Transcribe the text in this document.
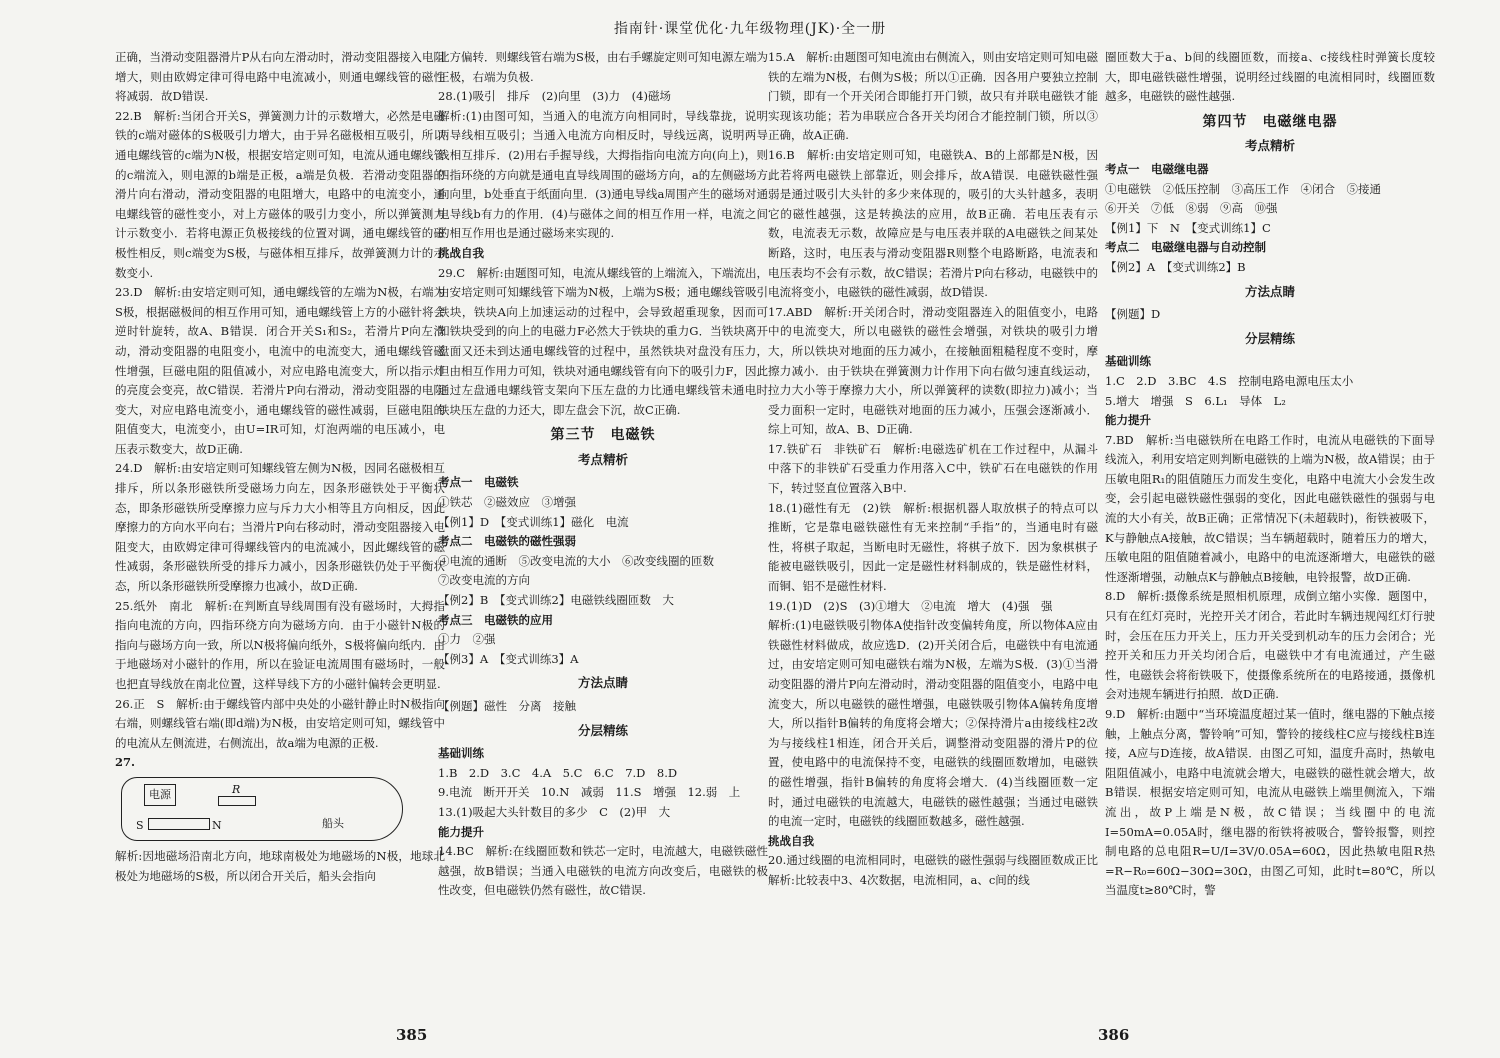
指南针·课堂优化·九年级物理(JK)·全一册

正确，当滑动变阻器滑片P从右向左滑动时，滑动变阻器接入电阻增大，则由欧姆定律可得电路中电流减小，则通电螺线管的磁性将减弱．故D错误.

22.B　解析:当闭合开关S，弹簧测力计的示数增大，必然是电磁铁的c端对磁体的S极吸引力增大，由于异名磁极相互吸引，所以通电螺线管的c端为N极，根据安培定则可知，电流从通电螺线管的c端流入，则电源的b端是正极，a端是负极．若滑动变阻器的滑片向右滑动，滑动变阻器的电阻增大，电路中的电流变小，通电螺线管的磁性变小，对上方磁体的吸引力变小，所以弹簧测力计示数变小．若将电源正负极接线的位置对调，通电螺线管的磁极性相反，则c端变为S极，与磁体相互排斥，故弹簧测力计的示数变小.

23.D　解析:由安培定则可知，通电螺线管的左端为N极，右端为S极，根据磁极间的相互作用可知，通电螺线管上方的小磁针将会逆时针旋转，故A、B错误．闭合开关S₁和S₂，若滑片P向左滑动，滑动变阻器的电阻变小，电流中的电流变大，通电螺线管磁性增强，巨磁电阻的阻值减小，对应电路电流变大，所以指示灯的亮度会变亮，故C错误．若滑片P向右滑动，滑动变阻器的电阻变大，对应电路电流变小，通电螺线管的磁性减弱，巨磁电阻的阻值变大，电流变小，由U=IR可知，灯泡两端的电压减小，电压表示数变大，故D正确.

24.D　解析:由安培定则可知螺线管左侧为N极，因同名磁极相互排斥，所以条形磁铁所受磁场力向左，因条形磁铁处于平衡状态，即条形磁铁所受摩擦力应与斥力大小相等且方向相反，因此摩擦力的方向水平向右；当滑片P向右移动时，滑动变阻器接入电阻变大，由欧姆定律可得螺线管内的电流减小，因此螺线管的磁性减弱，条形磁铁所受的排斥力减小，因条形磁铁仍处于平衡状态，所以条形磁铁所受摩擦力也减小，故D正确.

25.纸外　南北　解析:在判断直导线周围有没有磁场时，大拇指指向电流的方向，四指环绕方向为磁场方向．由于小磁针N极的指向与磁场方向一致，所以N极将偏向纸外，S极将偏向纸内．由于地磁场对小磁针的作用，所以在验证电流周围有磁场时，一般也把直导线放在南北位置，这样导线下方的小磁针偏转会更明显.

26.正　S　解析:由于螺线管内部中央处的小磁针静止时N极指向右端，则螺线管右端(即d端)为N极，由安培定则可知，螺线管中的电流从左侧流进，右侧流出，故a端为电源的正极.

27.
电源	R
S	N	船头

解析:因地磁场沿南北方向，地球南极处为地磁场的N极，地球北极处为地磁场的S极，所以闭合开关后，船头会指向

北方偏转．则螺线管右端为S极，由右手螺旋定则可知电源左端为正极，右端为负极.

28.(1)吸引　排斥　(2)向里　(3)力　(4)磁场

解析:(1)由图可知，当通入的电流方向相同时，导线靠拢，说明两导线相互吸引；当通入电流方向相反时，导线远离，说明两导线相互排斥．(2)用右手握导线，大拇指指向电流方向(向上)，则四指环绕的方向就是通电直导线周围的磁场方向，a的左侧磁场方向向里，b处垂直于纸面向里．(3)通电导线a周围产生的磁场对通电导线b有力的作用．(4)与磁体之间的相互作用一样，电流之间的相互作用也是通过磁场来实现的.

挑战自我

29.C　解析:由题图可知，电流从螺线管的上端流入，下端流出，由安培定则可知螺线管下端为N极，上端为S极；通电螺线管吸引铁块，铁块A向上加速运动的过程中，会导致超重现象，因而可知铁块受到的向上的电磁力F必然大于铁块的重力G．当铁块离开盘面又还未到达通电螺线管的过程中，虽然铁块对盘没有压力，但由相互作用力可知，铁块对通电螺线管有向下的吸引力F，因此通过左盘通电螺线管支架向下压左盘的力比通电螺线管未通电时铁块压左盘的力还大，即左盘会下沉，故C正确.

第三节　电磁铁
考点精析

考点一　电磁铁

①铁芯　②磁效应　③增强

【例1】D　【变式训练1】磁化　电流

考点二　电磁铁的磁性强弱

④电流的通断　⑤改变电流的大小　⑥改变线圈的匝数

⑦改变电流的方向

【例2】B　【变式训练2】电磁铁线圈匝数　大

考点三　电磁铁的应用

①力　②强

【例3】A　【变式训练3】A

方法点睛

【例题】磁性　分离　接触

分层精练

基础训练

1.B　2.D　3.C　4.A　5.C　6.C　7.D　8.D

9.电流　断开开关　10.N　减弱　11.S　增强　12.弱　上

13.(1)吸起大头针数目的多少　C　(2)甲　大

能力提升

14.BC　解析:在线圈匝数和铁芯一定时，电流越大，电磁铁磁性越强，故B错误；当通入电磁铁的电流方向改变后，电磁铁的极性改变，但电磁铁仍然有磁性，故C错误.

15.A　解析:由题图可知电流由右侧流入，则由安培定则可知电磁铁的左端为N极，右侧为S极；所以①正确．因各用户要独立控制门锁，即有一个开关闭合即能打开门锁，故只有并联电磁铁才能实现该功能；若为串联应合各开关均闭合才能控制门锁，所以③正确，故A正确.

16.B　解析:由安培定则可知，电磁铁A、B的上部都是N极，因此若将两电磁铁上部靠近，则会排斥，故A错误．电磁铁磁性强弱是通过吸引大头针的多少来体现的，吸引的大头针越多，表明它的磁性越强，这是转换法的应用，故B正确．若电压表有示数，电流表无示数，故障应是与电压表并联的A电磁铁之间某处断路，这时，电压表与滑动变阻器R则整个电路断路，电流表和电压表均不会有示数，故C错误；若滑片P向右移动，电磁铁中的电流将变小，电磁铁的磁性减弱，故D错误.

17.ABD　解析:开关闭合时，滑动变阻器连入的阻值变小，电路中的电流变大，所以电磁铁的磁性会增强，对铁块的吸引力增大，所以铁块对地面的压力减小，在接触面粗糙程度不变时，摩擦力减小．由于铁块在弹簧测力计作用下向右做匀速直线运动，拉力大小等于摩擦力大小，所以弹簧秤的读数(即拉力)减小；当受力面积一定时，电磁铁对地面的压力减小，压强会逐渐减小．综上可知，故A、B、D正确.

17.铁矿石　非铁矿石　解析:电磁选矿机在工作过程中，从漏斗中落下的非铁矿石受重力作用落入C中，铁矿石在电磁铁的作用下，转过竖直位置落入B中.

18.(1)磁性有无　(2)铁　解析:根据机器人取放棋子的特点可以推断，它是靠电磁铁磁性有无来控制“手指”的，当通电时有磁性，将棋子取起，当断电时无磁性，将棋子放下．因为象棋棋子能被电磁铁吸引，因此一定是磁性材料制成的，铁是磁性材料，而铜、铝不是磁性材料.

19.(1)D　(2)S　(3)①增大　②电流　增大　(4)强　强

解析:(1)电磁铁吸引物体A使指针改变偏转角度，所以物体A应由铁磁性材料做成，故应选D．(2)开关闭合后，电磁铁中有电流通过，由安培定则可知电磁铁右端为N极，左端为S极．(3)①当滑动变阻器的滑片P向左滑动时，滑动变阻器的阻值变小，电路中电流变大，所以电磁铁的磁性增强，电磁铁吸引物体A偏转角度增大，所以指针B偏转的角度将会增大；②保持滑片a由接线柱2改为与接线柱1相连，闭合开关后，调整滑动变阻器的滑片P的位置，使电路中的电流保持不变，电磁铁的线圈匝数增加，电磁铁的磁性增强，指针B偏转的角度将会增大．(4)当线圈匝数一定时，通过电磁铁的电流越大，电磁铁的磁性越强；当通过电磁铁的电流一定时，电磁铁的线圈匝数越多，磁性越强.

挑战自我

20.通过线圈的电流相同时，电磁铁的磁性强弱与线圈匝数成正比　解析:比较表中3、4次数据，电流相同，a、c间的线

圈匝数大于a、b间的线圈匝数，而接a、c接线柱时弹簧长度较大，即电磁铁磁性增强，说明经过线圈的电流相同时，线圈匝数越多，电磁铁的磁性越强.

第四节　电磁继电器
考点精析

考点一　电磁继电器

①电磁铁　②低压控制　③高压工作　④闭合　⑤接通

⑥开关　⑦低　⑧弱　⑨高　⑩强

【例1】下　N　【变式训练1】C

考点二　电磁继电器与自动控制

【例2】A　【变式训练2】B

方法点睛

【例题】D

分层精练

基础训练

1.C　2.D　3.BC　4.S　控制电路电源电压太小

5.增大　增强　S　6.L₁　导体　L₂

能力提升

7.BD　解析:当电磁铁所在电路工作时，电流从电磁铁的下面导线流入，利用安培定则判断电磁铁的上端为N极，故A错误；由于压敏电阻R₁的阻值随压力而发生变化，电路中电流大小会发生改变，会引起电磁铁磁性强弱的变化，因此电磁铁磁性的强弱与电流的大小有关，故B正确；正常情况下(未超载时)，衔铁被吸下，K与静触点A接触，故C错误；当车辆超载时，随着压力的增大，压敏电阻的阻值随着减小，电路中的电流逐渐增大，电磁铁的磁性逐渐增强，动触点K与静触点B接触，电铃报警，故D正确.

8.D　解析:摄像系统是照相机原理，成倒立缩小实像．题图中，只有在红灯亮时，光控开关才闭合，若此时车辆违规闯红灯行驶时，会压在压力开关上，压力开关受到机动车的压力会闭合；光控开关和压力开关均闭合后，电磁铁中才有电流通过，产生磁性，电磁铁会将衔铁吸下，使摄像系统所在的电路接通，摄像机会对违规车辆进行拍照．故D正确.

9.D　解析:由题中“当环境温度超过某一值时，继电器的下触点接触，上触点分离，警铃响”可知，警铃的接线柱C应与接线柱B连接，A应与D连接，故A错误．由图乙可知，温度升高时，热敏电阻阻值减小，电路中电流就会增大，电磁铁的磁性就会增大，故B错误．根据安培定则可知，电流从电磁铁上端里侧流入，下端流出，故P上端是N极，故C错误；当线圈中的电流I=50mA=0.05A时，继电器的衔铁将被吸合，警铃报警，则控制电路的总电阻R=U/I=3V/0.05A=60Ω，因此热敏电阻R热=R−R₀=60Ω−30Ω=30Ω，由图乙可知，此时t=80℃，所以当温度t≥80℃时，警

385	386
